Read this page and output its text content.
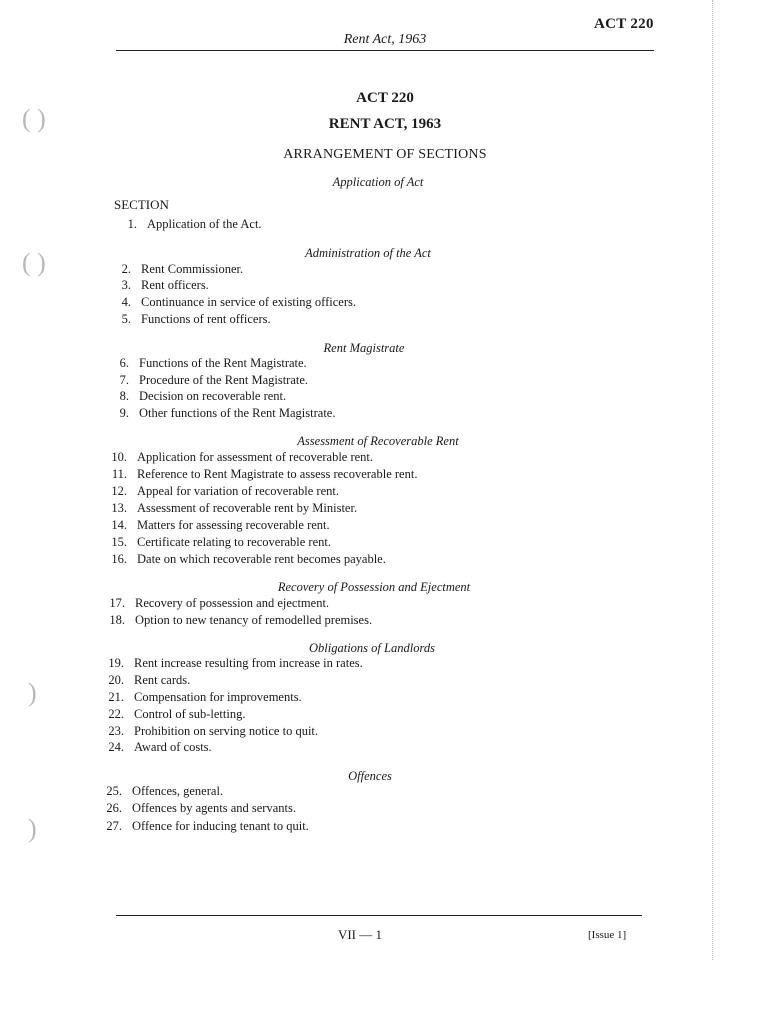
( )
( )
)
)
ACT 220
Rent Act, 1963
ACT 220
RENT ACT, 1963
ARRANGEMENT OF SECTIONS
SECTION
Application of Act
1. Application of the Act.
Administration of the Act
2. Rent Commissioner.
3. Rent officers.
4. Continuance in service of existing officers.
5. Functions of rent officers.
Rent Magistrate
6. Functions of the Rent Magistrate.
7. Procedure of the Rent Magistrate.
8. Decision on recoverable rent.
9. Other functions of the Rent Magistrate.
Assessment of Recoverable Rent
10. Application for assessment of recoverable rent.
11. Reference to Rent Magistrate to assess recoverable rent.
12. Appeal for variation of recoverable rent.
13. Assessment of recoverable rent by Minister.
14. Matters for assessing recoverable rent.
15. Certificate relating to recoverable rent.
16. Date on which recoverable rent becomes payable.
Recovery of Possession and Ejectment
17. Recovery of possession and ejectment.
18. Option to new tenancy of remodelled premises.
Obligations of Landlords
19. Rent increase resulting from increase in rates.
20. Rent cards.
21. Compensation for improvements.
22. Control of sub-letting.
23. Prohibition on serving notice to quit.
24. Award of costs.
Offences
25. Offences, general.
26. Offences by agents and servants.
27. Offence for inducing tenant to quit.
VII — 1	[Issue 1]
